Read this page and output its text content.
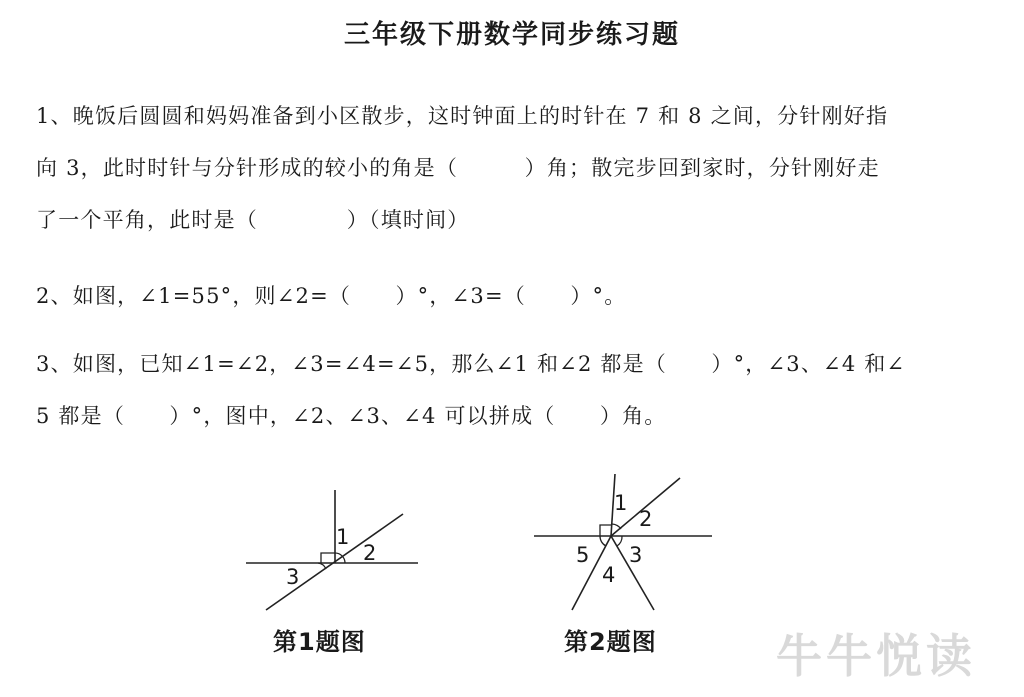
三年级下册数学同步练习题
1、晚饭后圆圆和妈妈准备到小区散步，这时钟面上的时针在 7 和 8 之间，分针刚好指
向 3，此时时针与分针形成的较小的角是（　　　）角；散完步回到家时，分针刚好走
了一个平角，此时是（　　　　）（填时间）
2、如图，∠1=55°，则∠2=（　　）°，∠3=（　　）°。
3、如图，已知∠1=∠2，∠3=∠4=∠5，那么∠1 和∠2 都是（　　）°，∠3、∠4 和∠
5 都是（　　）°，图中，∠2、∠3、∠4 可以拼成（　　）角。
1
2
3
第1题图
1
2
3
4
5
第2题图	牛牛悦读
